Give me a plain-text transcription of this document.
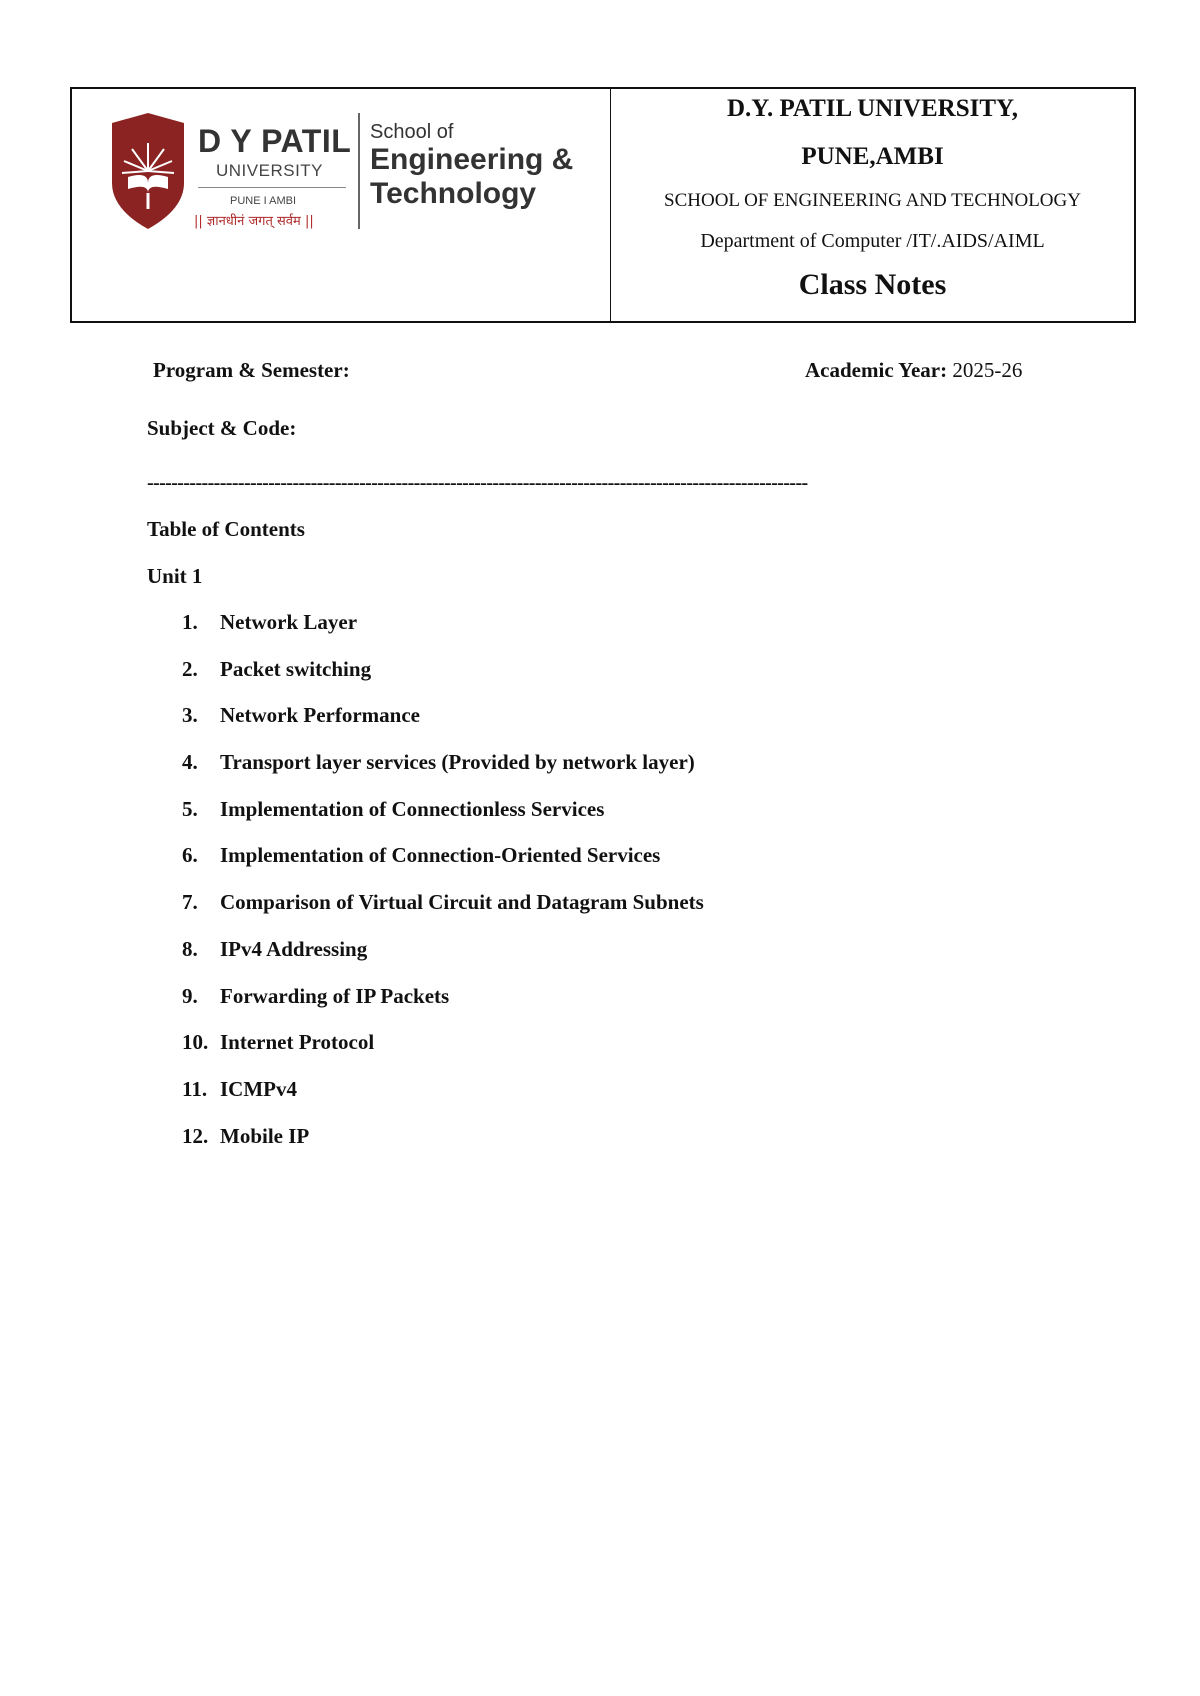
D Y PATIL
UNIVERSITY
PUNE I AMBI
|| ज्ञानधीनं जगत् सर्वम ||
School of
Engineering &
Technology
D.Y. PATIL UNIVERSITY,
PUNE,AMBI
SCHOOL OF ENGINEERING AND TECHNOLOGY
Department of Computer /IT/.AIDS/AIML
Class Notes
Program & Semester:	Academic Year: 2025-26
Subject & Code:
-------------------------------------------------------------------------------------------------------------
Table of Contents
Unit 1
1.	Network Layer
2.	Packet switching
3.	Network Performance
4.	Transport layer services (Provided by network layer)
5.	Implementation of Connectionless Services
6.	Implementation of Connection-Oriented Services
7.	Comparison of Virtual Circuit and Datagram Subnets
8.	IPv4 Addressing
9.	Forwarding of IP Packets
10. Internet Protocol
11. ICMPv4
12. Mobile IP
